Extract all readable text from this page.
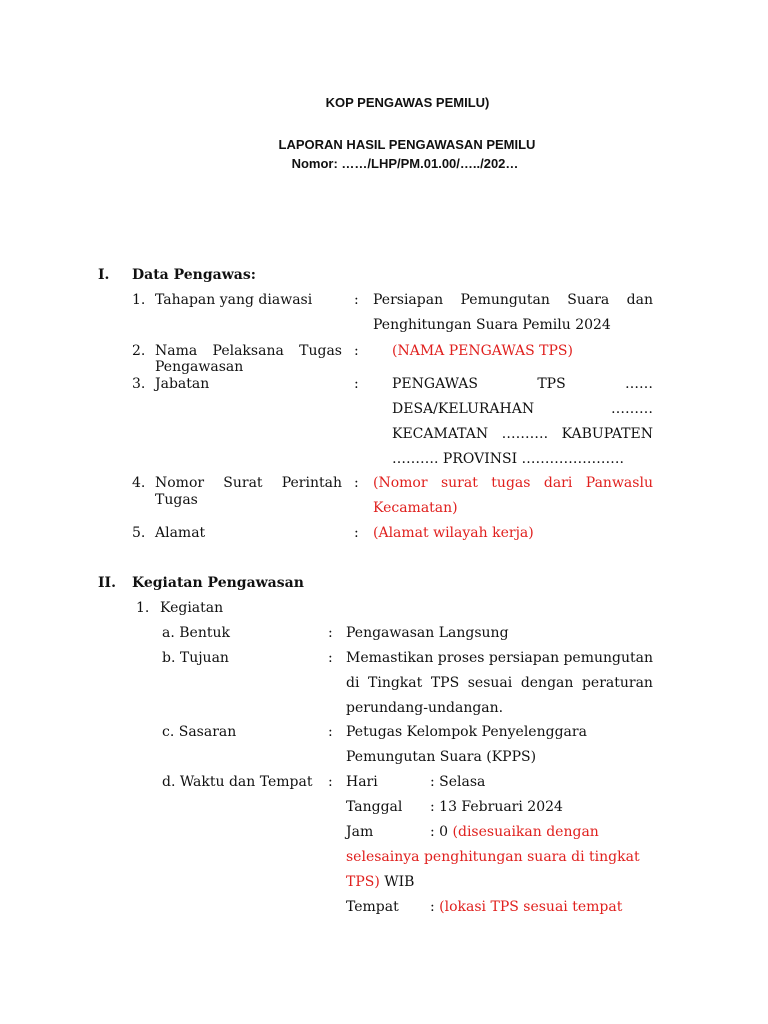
KOP PENGAWAS PEMILU)
LAPORAN HASIL PENGAWASAN PEMILU
Nomor: ……/LHP/PM.01.00/…../202…
I. Data Pengawas:
1. Tahapan yang diawasi	: Persiapan Pemungutan Suara dan
Penghitungan Suara Pemilu 2024
2. Nama Pelaksana Tugas
Pengawasan
: (NAMA PENGAWAS TPS)
3. Jabatan	: PENGAWAS	TPS	……
DESA/KELURAHAN	………
KECAMATAN ………. KABUPATEN
………. PROVINSI ………………….
4. Nomor Surat Perintah
Tugas
: (Nomor surat tugas dari Panwaslu
Kecamatan)
5. Alamat	: (Alamat wilayah kerja)
II. Kegiatan Pengawasan
1. Kegiatan
a. Bentuk	: Pengawasan Langsung
b. Tujuan	: Memastikan proses persiapan pemungutan
di Tingkat TPS sesuai dengan peraturan
perundang-undangan.
c. Sasaran	: Petugas Kelompok Penyelenggara
Pemungutan Suara (KPPS)
d. Waktu dan Tempat : Hari	: Selasa
Tanggal : 13 Februari 2024
Jam	: 0 (disesuaikan dengan
selesainya penghitungan suara di tingkat
TPS) WIB
Tempat : (lokasi TPS sesuai tempat
